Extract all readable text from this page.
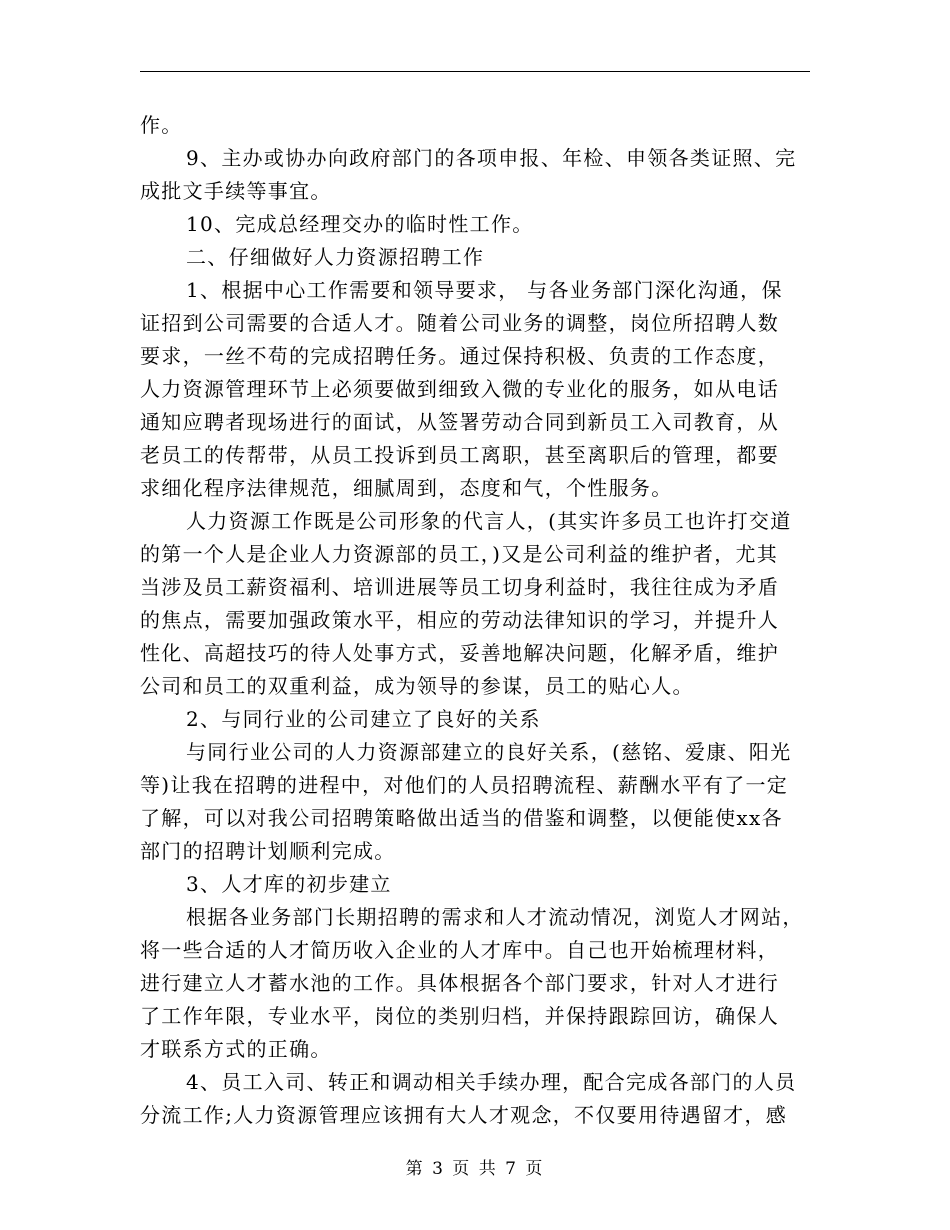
作。
9、主办或协办向政府部门的各项申报、年检、申领各类证照、完
成批文手续等事宜。
10、完成总经理交办的临时性工作。
二、仔细做好人力资源招聘工作
1、根据中心工作需要和领导要求， 与各业务部门深化沟通，保
证招到公司需要的合适人才。随着公司业务的调整，岗位所招聘人数
要求，一丝不苟的完成招聘任务。通过保持积极、负责的工作态度，
人力资源管理环节上必须要做到细致入微的专业化的服务，如从电话
通知应聘者现场进行的面试，从签署劳动合同到新员工入司教育，从
老员工的传帮带，从员工投诉到员工离职，甚至离职后的管理，都要
求细化程序法律规范，细腻周到，态度和气，个性服务。
人力资源工作既是公司形象的代言人，(其实许多员工也许打交道
的第一个人是企业人力资源部的员工，)又是公司利益的维护者，尤其
当涉及员工薪资福利、培训进展等员工切身利益时，我往往成为矛盾
的焦点，需要加强政策水平，相应的劳动法律知识的学习，并提升人
性化、高超技巧的待人处事方式，妥善地解决问题，化解矛盾，维护
公司和员工的双重利益，成为领导的参谋，员工的贴心人。
2、与同行业的公司建立了良好的关系
与同行业公司的人力资源部建立的良好关系，(慈铭、爱康、阳光
等)让我在招聘的进程中，对他们的人员招聘流程、薪酬水平有了一定
了解，可以对我公司招聘策略做出适当的借鉴和调整，以便能使xx各
部门的招聘计划顺利完成。
3、人才库的初步建立
根据各业务部门长期招聘的需求和人才流动情况，浏览人才网站，
将一些合适的人才简历收入企业的人才库中。自己也开始梳理材料，
进行建立人才蓄水池的工作。具体根据各个部门要求，针对人才进行
了工作年限，专业水平，岗位的类别归档，并保持跟踪回访，确保人
才联系方式的正确。
4、员工入司、转正和调动相关手续办理，配合完成各部门的人员
分流工作;人力资源管理应该拥有大人才观念，不仅要用待遇留才，感
第 3 页 共 7 页
